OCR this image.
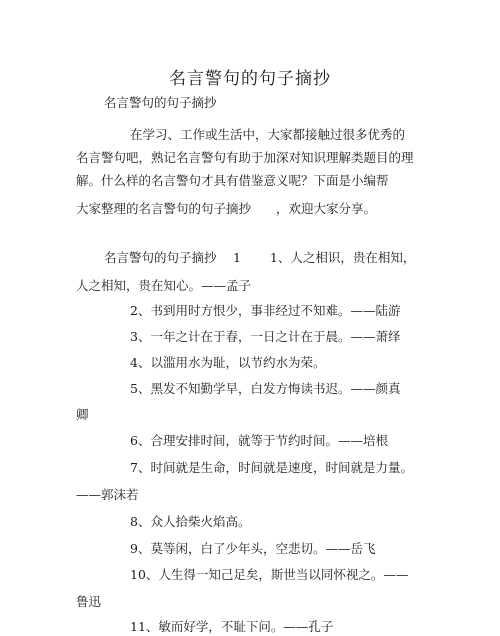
名言警句的句子摘抄
名言警句的句子摘抄
在学习、工作或生活中，大家都接触过很多优秀的
名言警句吧，熟记名言警句有助于加深对知识理解类题目的理
解。什么样的名言警句才具有借鉴意义呢？下面是小编帮
大家整理的名言警句的句子摘抄　　，欢迎大家分享。
名言警句的句子摘抄　 1　　 1、人之相识，贵在相知，
人之相知，贵在知心。——孟子
2、书到用时方恨少，事非经过不知难。——陆游
3、一年之计在于春，一日之计在于晨。——萧绎
4、以滥用水为耻，以节约水为荣。
5、黑发不知勤学早，白发方悔读书迟。——颜真
卿
6、合理安排时间，就等于节约时间。——培根
7、时间就是生命，时间就是速度，时间就是力量。
——郭沫若
8、众人拾柴火焰高。
9、莫等闲，白了少年头，空悲切。——岳飞
10、人生得一知己足矣，斯世当以同怀视之。——
鲁迅
11、敏而好学，不耻下问。——孔子
